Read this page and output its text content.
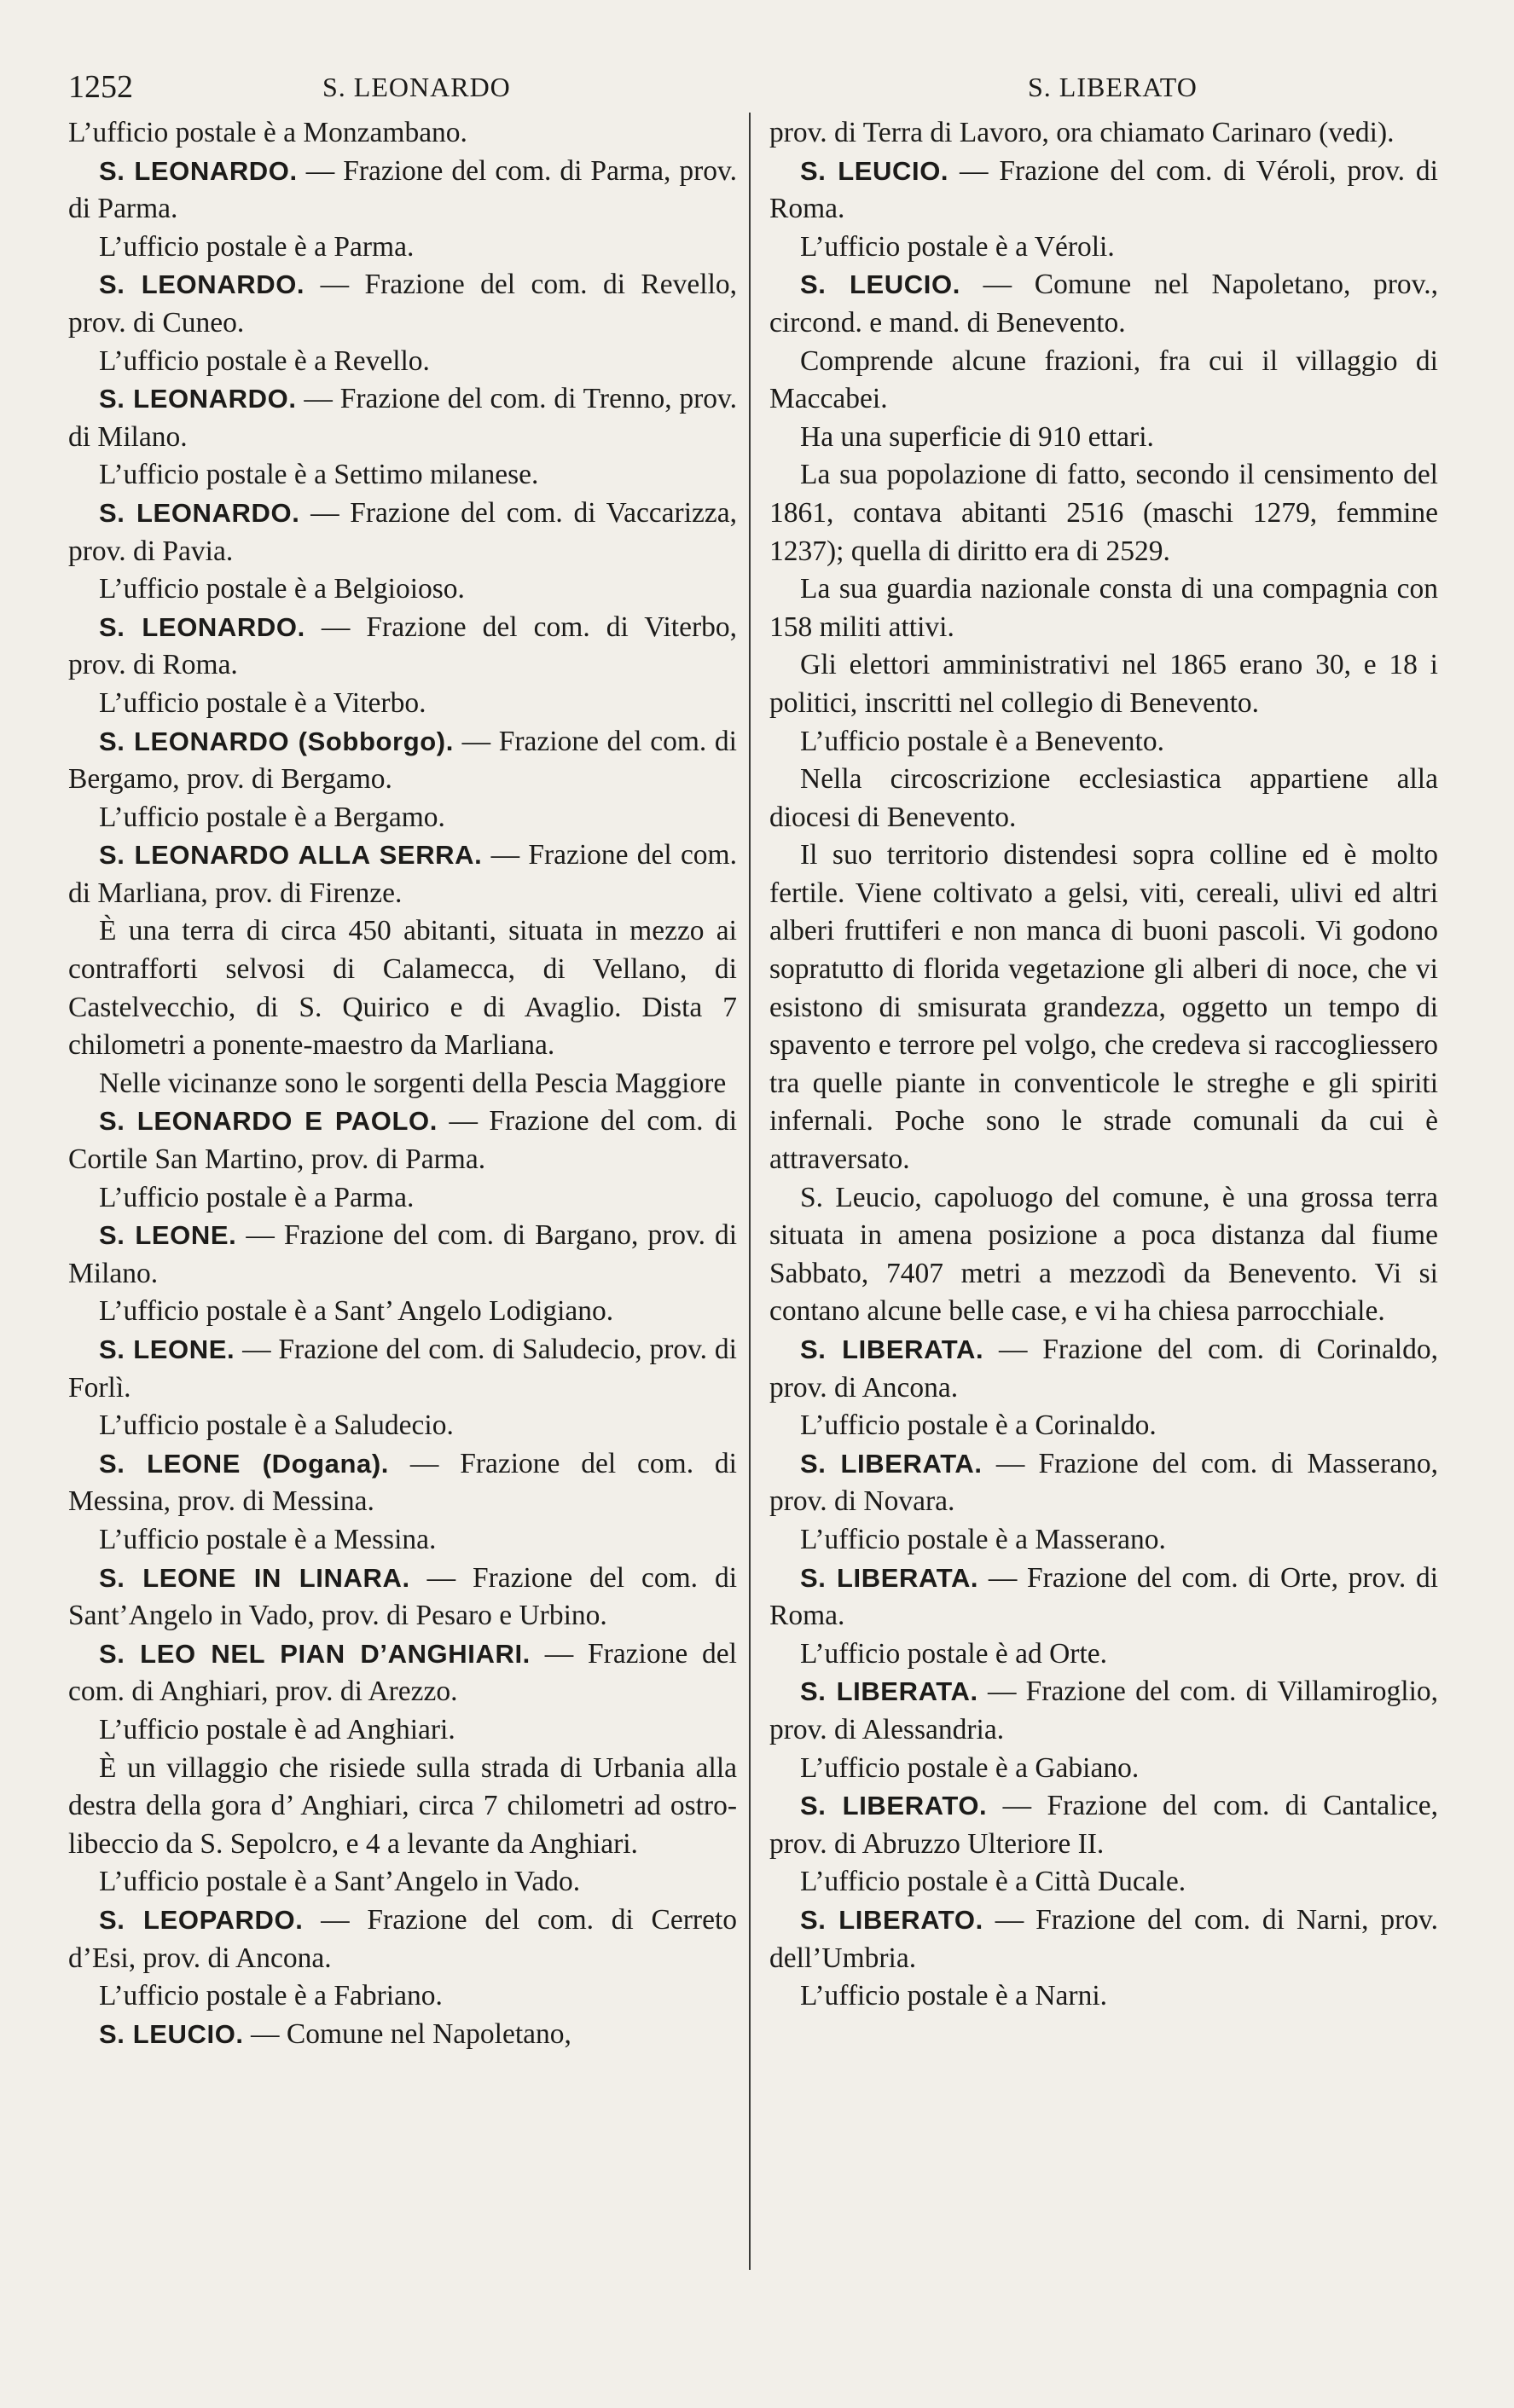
1252	S. LEONARDO	S. LIBERATO

L’ufficio postale è a Monzambano.

S. LEONARDO. — Frazione del com. di Parma, prov. di Parma.

L’ufficio postale è a Parma.

S. LEONARDO. — Frazione del com. di Revello, prov. di Cuneo.

L’ufficio postale è a Revello.

S. LEONARDO. — Frazione del com. di Trenno, prov. di Milano.

L’ufficio postale è a Settimo milanese.

S. LEONARDO. — Frazione del com. di Vaccarizza, prov. di Pavia.

L’ufficio postale è a Belgioioso.

S. LEONARDO. — Frazione del com. di Viterbo, prov. di Roma.

L’ufficio postale è a Viterbo.

S. LEONARDO (Sobborgo). — Frazione del com. di Bergamo, prov. di Bergamo.

L’ufficio postale è a Bergamo.

S. LEONARDO ALLA SERRA. — Frazione del com. di Marliana, prov. di Firenze.

È una terra di circa 450 abitanti, situata in mezzo ai contrafforti selvosi di Calamecca, di Vellano, di Castelvecchio, di S. Quirico e di Avaglio. Dista 7 chilometri a ponente-maestro da Marliana.

Nelle vicinanze sono le sorgenti della Pescia Maggiore

S. LEONARDO E PAOLO. — Frazione del com. di Cortile San Martino, prov. di Parma.

L’ufficio postale è a Parma.

S. LEONE. — Frazione del com. di Bargano, prov. di Milano.

L’ufficio postale è a Sant’ Angelo Lodigiano.

S. LEONE. — Frazione del com. di Saludecio, prov. di Forlì.

L’ufficio postale è a Saludecio.

S. LEONE (Dogana). — Frazione del com. di Messina, prov. di Messina.

L’ufficio postale è a Messina.

S. LEONE IN LINARA. — Frazione del com. di Sant’Angelo in Vado, prov. di Pesaro e Urbino.

S. LEO NEL PIAN D’ANGHIARI. — Frazione del com. di Anghiari, prov. di Arezzo.

L’ufficio postale è ad Anghiari.

È un villaggio che risiede sulla strada di Urbania alla destra della gora d’ Anghiari, circa 7 chilometri ad ostro-libeccio da S. Sepolcro, e 4 a levante da Anghiari.

L’ufficio postale è a Sant’Angelo in Vado.

S. LEOPARDO. — Frazione del com. di Cerreto d’Esi, prov. di Ancona.

L’ufficio postale è a Fabriano.

S. LEUCIO. — Comune nel Napoletano,

prov. di Terra di Lavoro, ora chiamato Carinaro (vedi).

S. LEUCIO. — Frazione del com. di Véroli, prov. di Roma.

L’ufficio postale è a Véroli.

S. LEUCIO. — Comune nel Napoletano, prov., circond. e mand. di Benevento.

Comprende alcune frazioni, fra cui il villaggio di Maccabei.

Ha una superficie di 910 ettari.

La sua popolazione di fatto, secondo il censimento del 1861, contava abitanti 2516 (maschi 1279, femmine 1237); quella di diritto era di 2529.

La sua guardia nazionale consta di una compagnia con 158 militi attivi.

Gli elettori amministrativi nel 1865 erano 30, e 18 i politici, inscritti nel collegio di Benevento.

L’ufficio postale è a Benevento.

Nella circoscrizione ecclesiastica appartiene alla diocesi di Benevento.

Il suo territorio distendesi sopra colline ed è molto fertile. Viene coltivato a gelsi, viti, cereali, ulivi ed altri alberi fruttiferi e non manca di buoni pascoli. Vi godono sopratutto di florida vegetazione gli alberi di noce, che vi esistono di smisurata grandezza, oggetto un tempo di spavento e terrore pel volgo, che credeva si raccogliessero tra quelle piante in conventicole le streghe e gli spiriti infernali. Poche sono le strade comunali da cui è attraversato.

S. Leucio, capoluogo del comune, è una grossa terra situata in amena posizione a poca distanza dal fiume Sabbato, 7407 metri a mezzodì da Benevento. Vi si contano alcune belle case, e vi ha chiesa parrocchiale.

S. LIBERATA. — Frazione del com. di Corinaldo, prov. di Ancona.

L’ufficio postale è a Corinaldo.

S. LIBERATA. — Frazione del com. di Masserano, prov. di Novara.

L’ufficio postale è a Masserano.

S. LIBERATA. — Frazione del com. di Orte, prov. di Roma.

L’ufficio postale è ad Orte.

S. LIBERATA. — Frazione del com. di Villamiroglio, prov. di Alessandria.

L’ufficio postale è a Gabiano.

S. LIBERATO. — Frazione del com. di Cantalice, prov. di Abruzzo Ulteriore II.

L’ufficio postale è a Città Ducale.

S. LIBERATO. — Frazione del com. di Narni, prov. dell’Umbria.

L’ufficio postale è a Narni.
